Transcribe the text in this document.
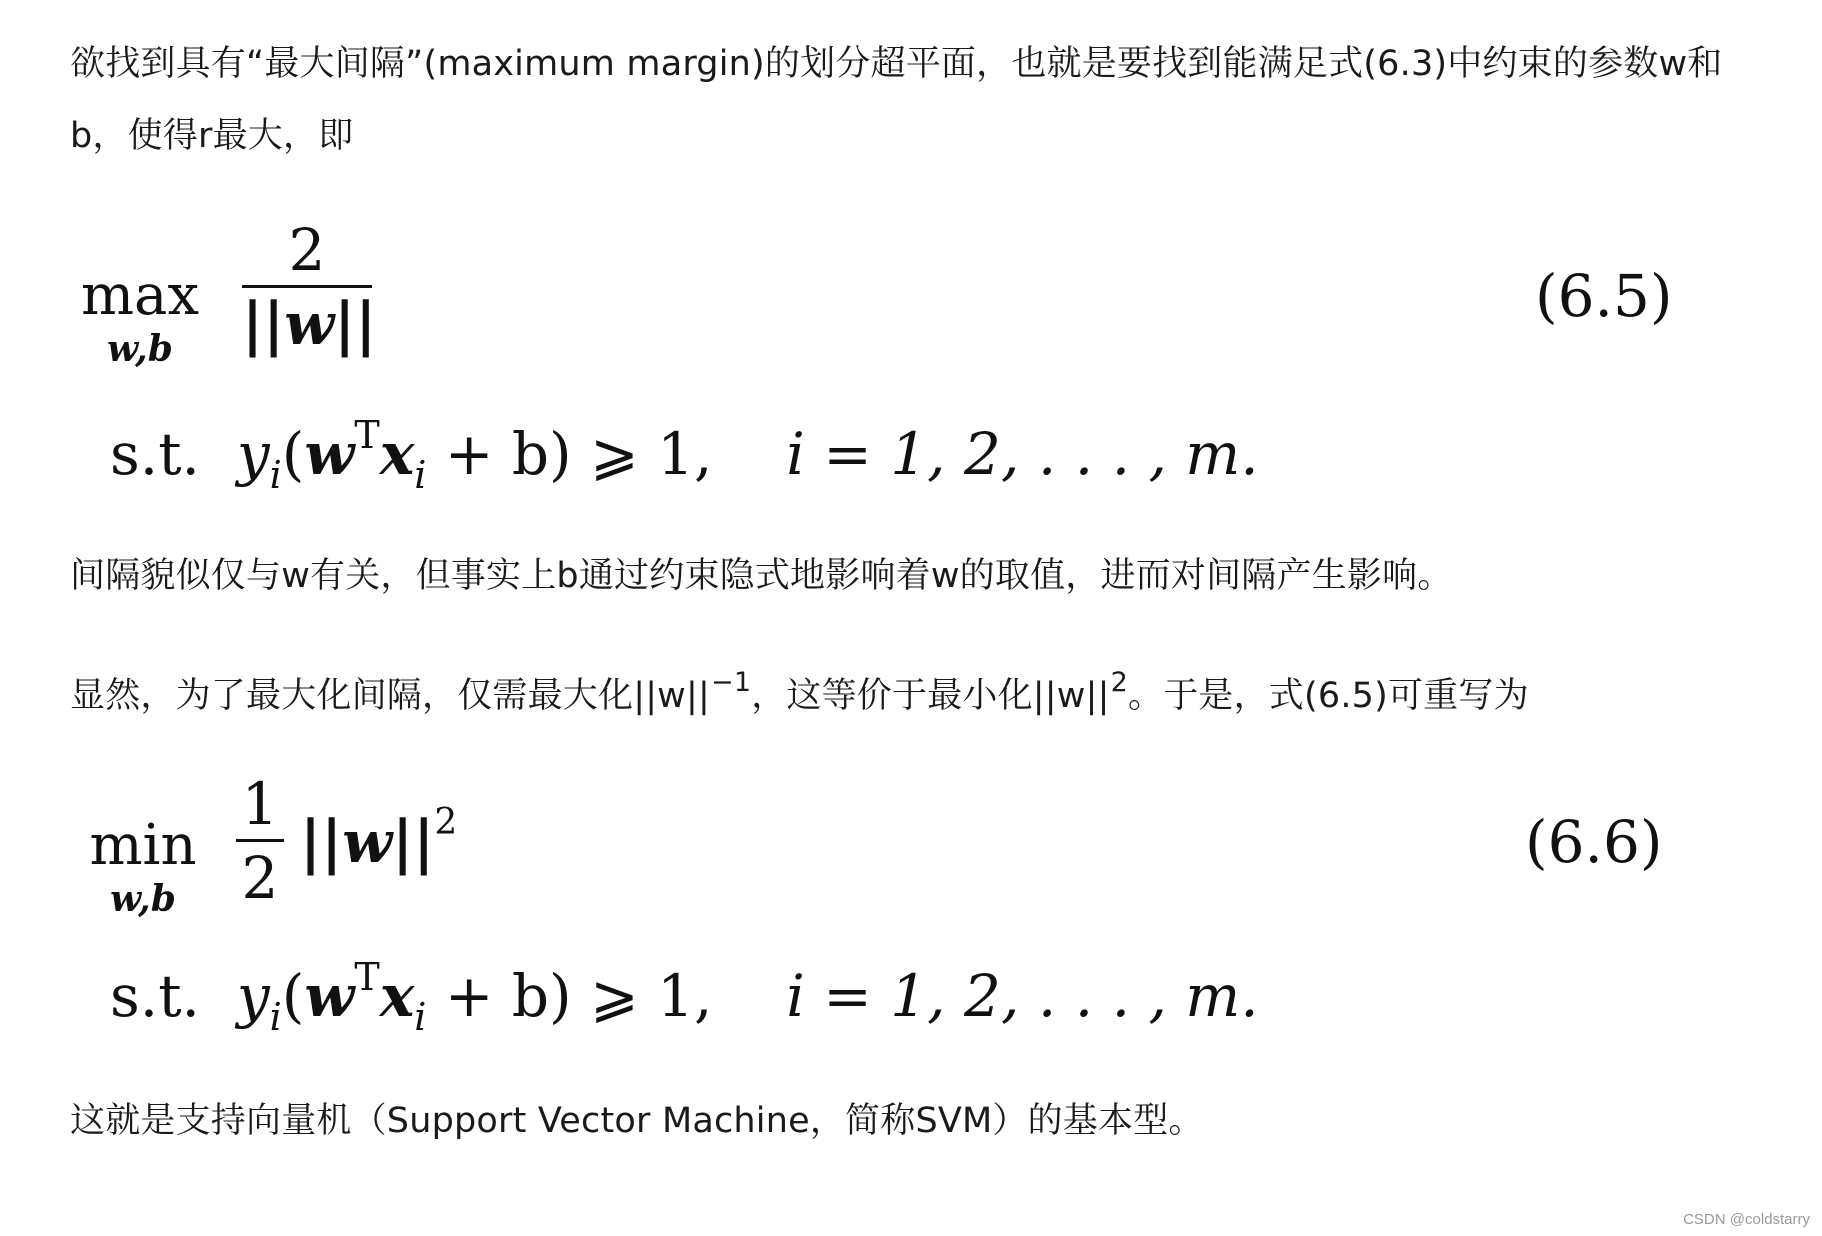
欲找到具有“最大间隔”(maximum margin)的划分超平面，也就是要找到能满足式(6.3)中约束的参数w和b，使得r最大，即
max
w,b
2
||w||	(6.5)
s.t. $y_i(w^Tx_i + b)$ ⩾ 1, i = 1, 2, . . . , m.
间隔貌似仅与w有关，但事实上b通过约束隐式地影响着w的取值，进而对间隔产生影响。
显然，为了最大化间隔，仅需最大化$||w||^{-1}$，这等价于最小化$||w||^2$。于是，式(6.5)可重写为
min
w,b
1
2
$||w||^2$	(6.6)
s.t. $y_i(w^Tx_i + b)$ ⩾ 1, i = 1, 2, . . . , m.
这就是支持向量机（Support Vector Machine，简称SVM）的基本型。
CSDN @coldstarry
